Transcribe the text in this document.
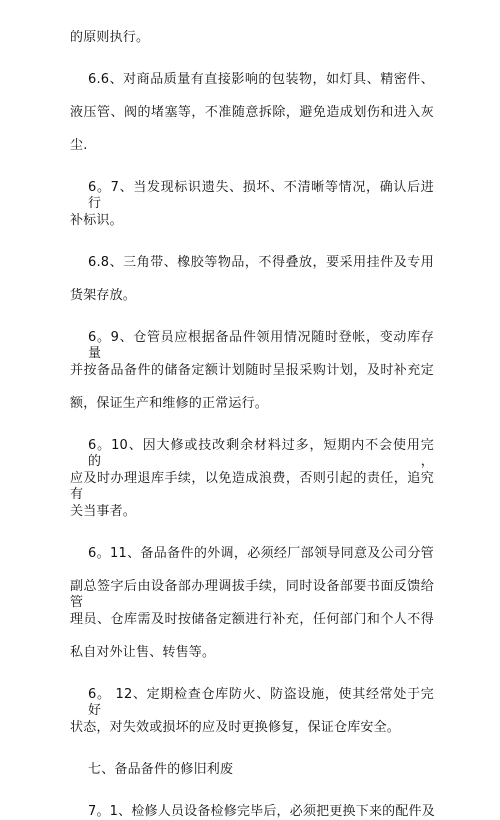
的原则执行。
6.6、对商品质量有直接影响的包装物，如灯具、精密件、
液压管、阀的堵塞等，不准随意拆除，避免造成划伤和进入灰
尘.
6。7、当发现标识遗失、损坏、不清晰等情况，确认后进行
补标识。
6.8、三角带、橡胶等物品，不得叠放，要采用挂件及专用
货架存放。
6。9、仓管员应根据备品件领用情况随时登帐，变动库存量
并按备品备件的储备定额计划随时呈报采购计划，及时补充定
额，保证生产和维修的正常运行。
6。10、因大修或技改剩余材料过多，短期内不会使用完的，
应及时办理退库手续，以免造成浪费，否则引起的责任，追究有
关当事者。
6。11、备品备件的外调，必须经厂部领导同意及公司分管
副总签字后由设备部办理调拔手续，同时设备部要书面反馈给管
理员、仓库需及时按储备定额进行补充，任何部门和个人不得
私自对外让售、转售等。
6。 12、定期检查仓库防火、防盗设施，使其经常处于完好
状态，对失效或损坏的应及时更换修复，保证仓库安全。
七、备品备件的修旧利废
7。1、检修人员设备检修完毕后，必须把更换下来的配件及
